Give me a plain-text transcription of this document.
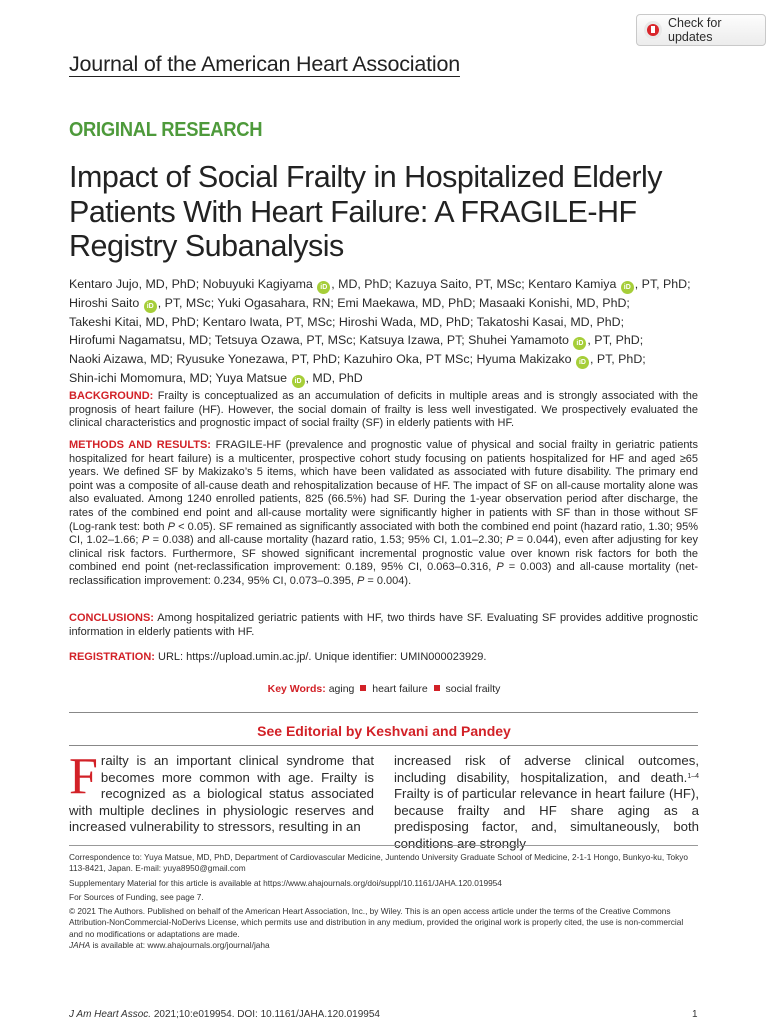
Check for updates
Journal of the American Heart Association
ORIGINAL RESEARCH
Impact of Social Frailty in Hospitalized Elderly Patients With Heart Failure: A FRAGILE-HF Registry Subanalysis
Kentaro Jujo, MD, PhD; Nobuyuki Kagiyama iD , MD, PhD; Kazuya Saito, PT, MSc; Kentaro Kamiya iD , PT, PhD;
Hiroshi Saito iD , PT, MSc; Yuki Ogasahara, RN; Emi Maekawa, MD, PhD; Masaaki Konishi, MD, PhD;
Takeshi Kitai, MD, PhD; Kentaro Iwata, PT, MSc; Hiroshi Wada, MD, PhD; Takatoshi Kasai, MD, PhD;
Hirofumi Nagamatsu, MD; Tetsuya Ozawa, PT, MSc; Katsuya Izawa, PT; Shuhei Yamamoto iD , PT, PhD;
Naoki Aizawa, MD; Ryusuke Yonezawa, PT, PhD; Kazuhiro Oka, PT MSc; Hyuma Makizako iD , PT, PhD;
Shin-ichi Momomura, MD; Yuya Matsue iD , MD, PhD

BACKGROUND: Frailty is conceptualized as an accumulation of deficits in multiple areas and is strongly associated with the prognosis of heart failure (HF). However, the social domain of frailty is less well investigated. We prospectively evaluated the clinical characteristics and prognostic impact of social frailty (SF) in elderly patients with HF.

METHODS AND RESULTS: FRAGILE-HF (prevalence and prognostic value of physical and social frailty in geriatric patients hospitalized for heart failure) is a multicenter, prospective cohort study focusing on patients hospitalized for HF and aged ≥65 years. We defined SF by Makizako’s 5 items, which have been validated as associated with future disability. The primary end point was a composite of all-cause death and rehospitalization because of HF. The impact of SF on all-cause mortality alone was also evaluated. Among 1240 enrolled patients, 825 (66.5%) had SF. During the 1-year observation period after discharge, the rates of the combined end point and all-cause mortality were significantly higher in patients with SF than in those without SF (Log-rank test: both P < 0.05). SF remained as significantly associated with both the combined end point (hazard ratio, 1.30; 95% CI, 1.02–1.66; P = 0.038) and all-cause mortality (hazard ratio, 1.53; 95% CI, 1.01–2.30; P = 0.044), even after adjusting for key clinical risk factors. Furthermore, SF showed significant incremental prognostic value over known risk factors for both the combined end point (net-reclassification improvement: 0.189, 95% CI, 0.063–0.316, P = 0.003) and all-cause mortality (net-reclassification improvement: 0.234, 95% CI, 0.073–0.395, P = 0.004).

CONCLUSIONS: Among hospitalized geriatric patients with HF, two thirds have SF. Evaluating SF provides additive prognostic information in elderly patients with HF.

REGISTRATION: URL: https://upload.umin.ac.jp/. Unique identifier: UMIN000023929.

Key Words: aging heart failure social frailty
See Editorial by Keshvani and Pandey

Frailty is an important clinical syndrome that becomes more common with age. Frailty is recognized as a biological status associated with multiple declines in physiologic reserves and increased vulnerability to stressors, resulting in an

increased risk of adverse clinical outcomes, including disability, hospitalization, and death.$^{1-4}$ Frailty is of particular relevance in heart failure (HF), because frailty and HF share aging as a predisposing factor, and, simultaneously, both conditions are strongly

Correspondence to: Yuya Matsue, MD, PhD, Department of Cardiovascular Medicine, Juntendo University Graduate School of Medicine, 2-1-1 Hongo, Bunkyo-ku, Tokyo 113-8421, Japan. E-mail: yuya8950@gmail.com

Supplementary Material for this article is available at https://www.ahajournals.org/doi/suppl/10.1161/JAHA.120.019954

For Sources of Funding, see page 7.

© 2021 The Authors. Published on behalf of the American Heart Association, Inc., by Wiley. This is an open access article under the terms of the Creative Commons Attribution-NonCommercial-NoDerivs License, which permits use and distribution in any medium, provided the original work is properly cited, the use is non-commercial and no modifications or adaptations are made.

JAHA is available at: www.ahajournals.org/journal/jaha

J Am Heart Assoc. 2021;10:e019954. DOI: 10.1161/JAHA.120.019954	1
